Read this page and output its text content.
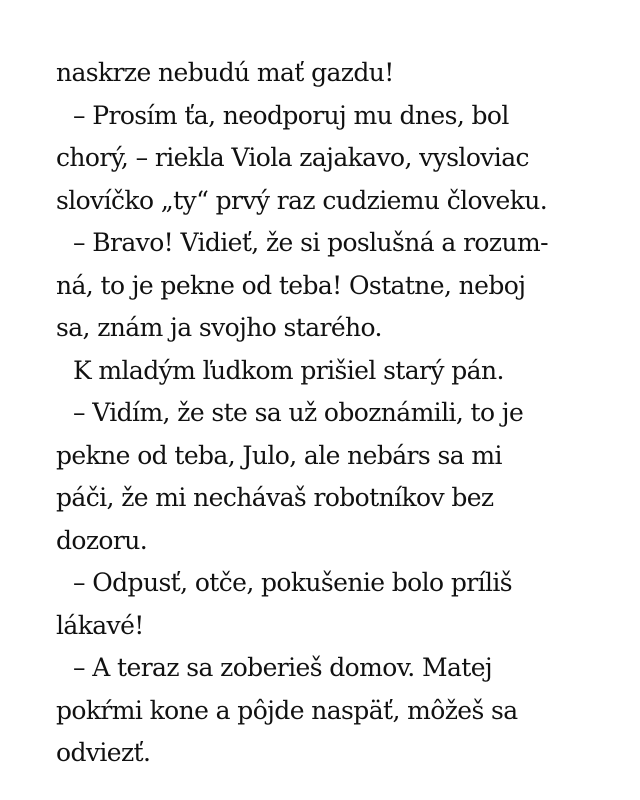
naskrze nebudú mať gazdu!
– Prosím ťa, neodporuj mu dnes, bol
chorý, – riekla Viola zajakavo, vysloviac
slovíčko „ty“ prvý raz cudziemu človeku.
– Bravo! Vidieť, že si poslušná a rozum-
ná, to je pekne od teba! Ostatne, neboj
sa, znám ja svojho starého.
K mladým ľudkom prišiel starý pán.
– Vidím, že ste sa už oboznámili, to je
pekne od teba, Julo, ale nebárs sa mi
páči, že mi nechávaš robotníkov bez
dozoru.
– Odpusť, otče, pokušenie bolo príliš
lákavé!
– A teraz sa zoberieš domov. Matej
pokŕmi kone a pôjde naspäť, môžeš sa
odviezť.
